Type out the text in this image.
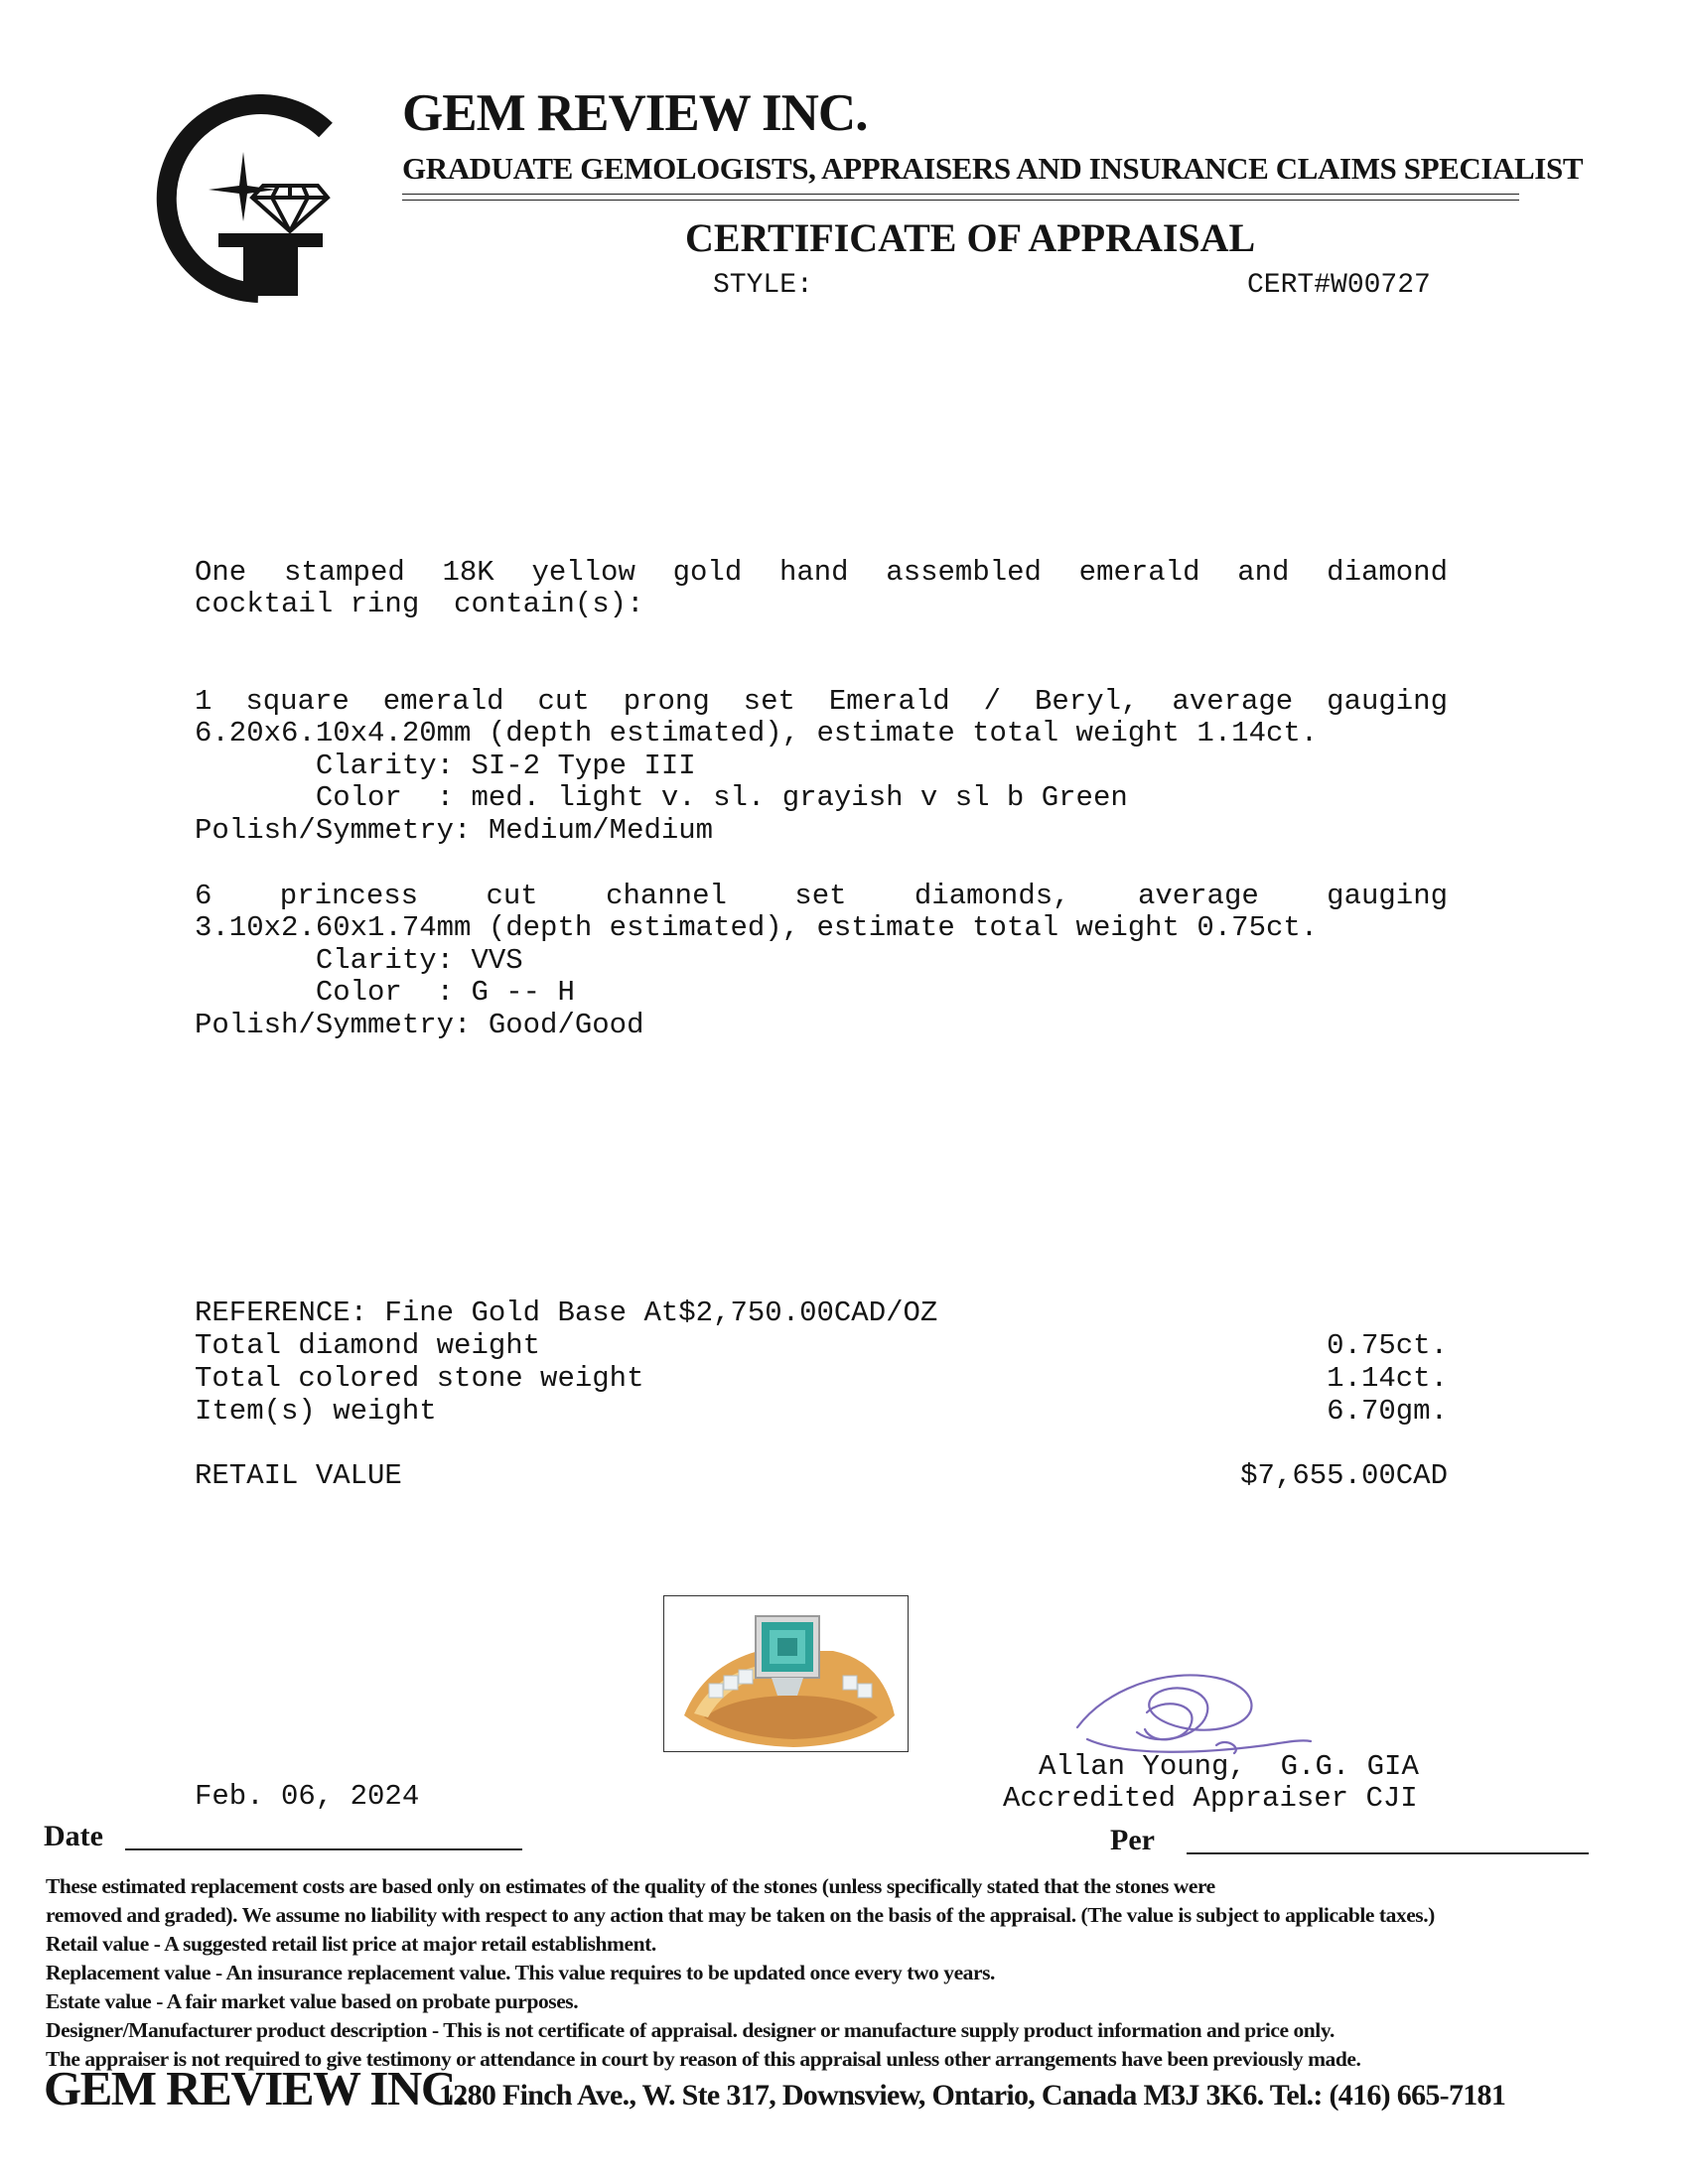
GEM REVIEW INC.
GRADUATE GEMOLOGISTS, APPRAISERS AND INSURANCE CLAIMS SPECIALIST
CERTIFICATE OF APPRAISAL
STYLE:	CERT#W00727
One stamped 18K yellow gold hand assembled emerald and diamond
cocktail ring  contain(s):
1 square emerald cut prong set Emerald / Beryl, average gauging
6.20x6.10x4.20mm (depth estimated), estimate total weight 1.14ct.
Clarity: SI-2 Type III
Color  : med. light v. sl. grayish v sl b Green
Polish/Symmetry: Medium/Medium
6 princess cut channel set diamonds, average gauging
3.10x2.60x1.74mm (depth estimated), estimate total weight 0.75ct.
Clarity: VVS
Color  : G -- H
Polish/Symmetry: Good/Good
REFERENCE: Fine Gold Base At$2,750.00CAD/OZ
Total diamond weight	0.75ct.
Total colored stone weight	1.14ct.
Item(s) weight	6.70gm.
RETAIL VALUE	$7,655.00CAD
Allan Young,  G.G. GIA
Accredited Appraiser CJI
Feb. 06, 2024
Date	Per
These estimated replacement costs are based only on estimates of the quality of the stones (unless specifically stated that the stones were
removed and graded). We assume no liability with respect to any action that may be taken on the basis of the appraisal. (The value is subject to applicable taxes.)
Retail value - A suggested retail list price at major retail establishment.
Replacement value - An insurance replacement value. This value requires to be updated once every two years.
Estate value - A fair market value based on probate purposes.
Designer/Manufacturer product description - This is not certificate of appraisal. designer or manufacture supply product information and price only.
The appraiser is not required to give testimony or attendance in court by reason of this appraisal unless other arrangements have been previously made.
GEM REVIEW INC.
1280 Finch Ave., W. Ste 317, Downsview, Ontario, Canada M3J 3K6. Tel.: (416) 665-7181
